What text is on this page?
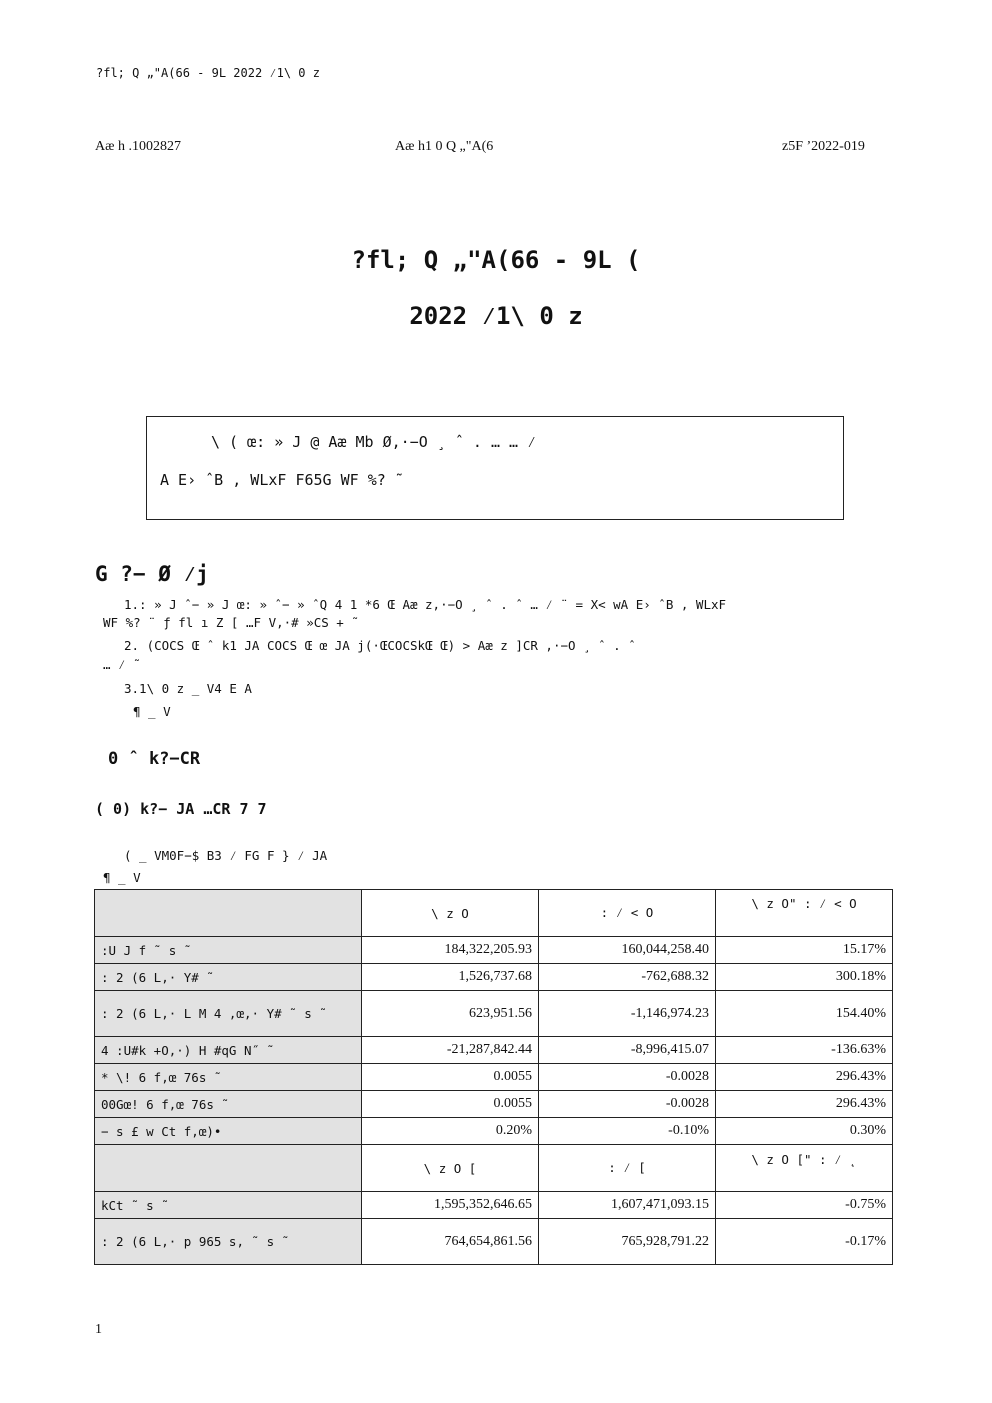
?fl; Q „"A(66 - 9L 2022 ⁄1\ 0 z
Aæ h .1002827	Aæ h1 0 Q „"A(6	z5F ’2022-019
?fl; Q „"A(66 - 9L (
2022 ⁄1\ 0 z
\ ( œ: » J @ Aæ Mb Ø,·−O ¸ ˆ . … … ⁄
A E› ˆB , WLxF F65G WF %? ˜
G ?− Ø ⁄j
1.: » J ˆ− » J œ: » ˆ− » ˆQ 4 1 *6 Œ Aæ z,·−O ¸ ˆ . ˆ … ⁄ ¨ = X< wA E› ˆB , WLxF
WF %? ¨ ƒ fl ı Z [ …F V,·# »CS + ˜
2. (COCS Œ ˆ k1 JA COCS Œ œ JA j(·ŒCOCSkŒ Œ) > Aæ z ]CR ,·−O ¸ ˆ . ˆ
… ⁄ ˜
3.1\ 0 z _ V4 E A
¶ _ V
0 ˆ k?−CR
( 0) k?− JA …CR 7 7
( _ VM0F−$ B3 ⁄ FG F } ⁄ JA
¶ _ V
	\ z O	: ⁄ < O	\ z O" : ⁄ < O
:U J f ˜ s ˜	184,322,205.93	160,044,258.40	15.17%
: 2 (6 L,· Y# ˜	1,526,737.68	-762,688.32	300.18%
: 2 (6 L,· L M 4 ,œ,· Y# ˜ s ˜	623,951.56	-1,146,974.23	154.40%
4 :U#k +O,·) H #qG N˝ ˜	-21,287,842.44	-8,996,415.07	-136.63%
* \! 6 f,œ 76s ˜	0.0055	-0.0028	296.43%
00Gœ! 6 f,œ 76s ˜	0.0055	-0.0028	296.43%
− s £ w Ct f,œ)•	0.20%	-0.10%	0.30%
	\ z O [	: ⁄ [	\ z O [" : ⁄ ˛
kCt ˜ s ˜	1,595,352,646.65	1,607,471,093.15	-0.75%
: 2 (6 L,· p 965 s, ˜ s ˜	764,654,861.56	765,928,791.22	-0.17%
1
